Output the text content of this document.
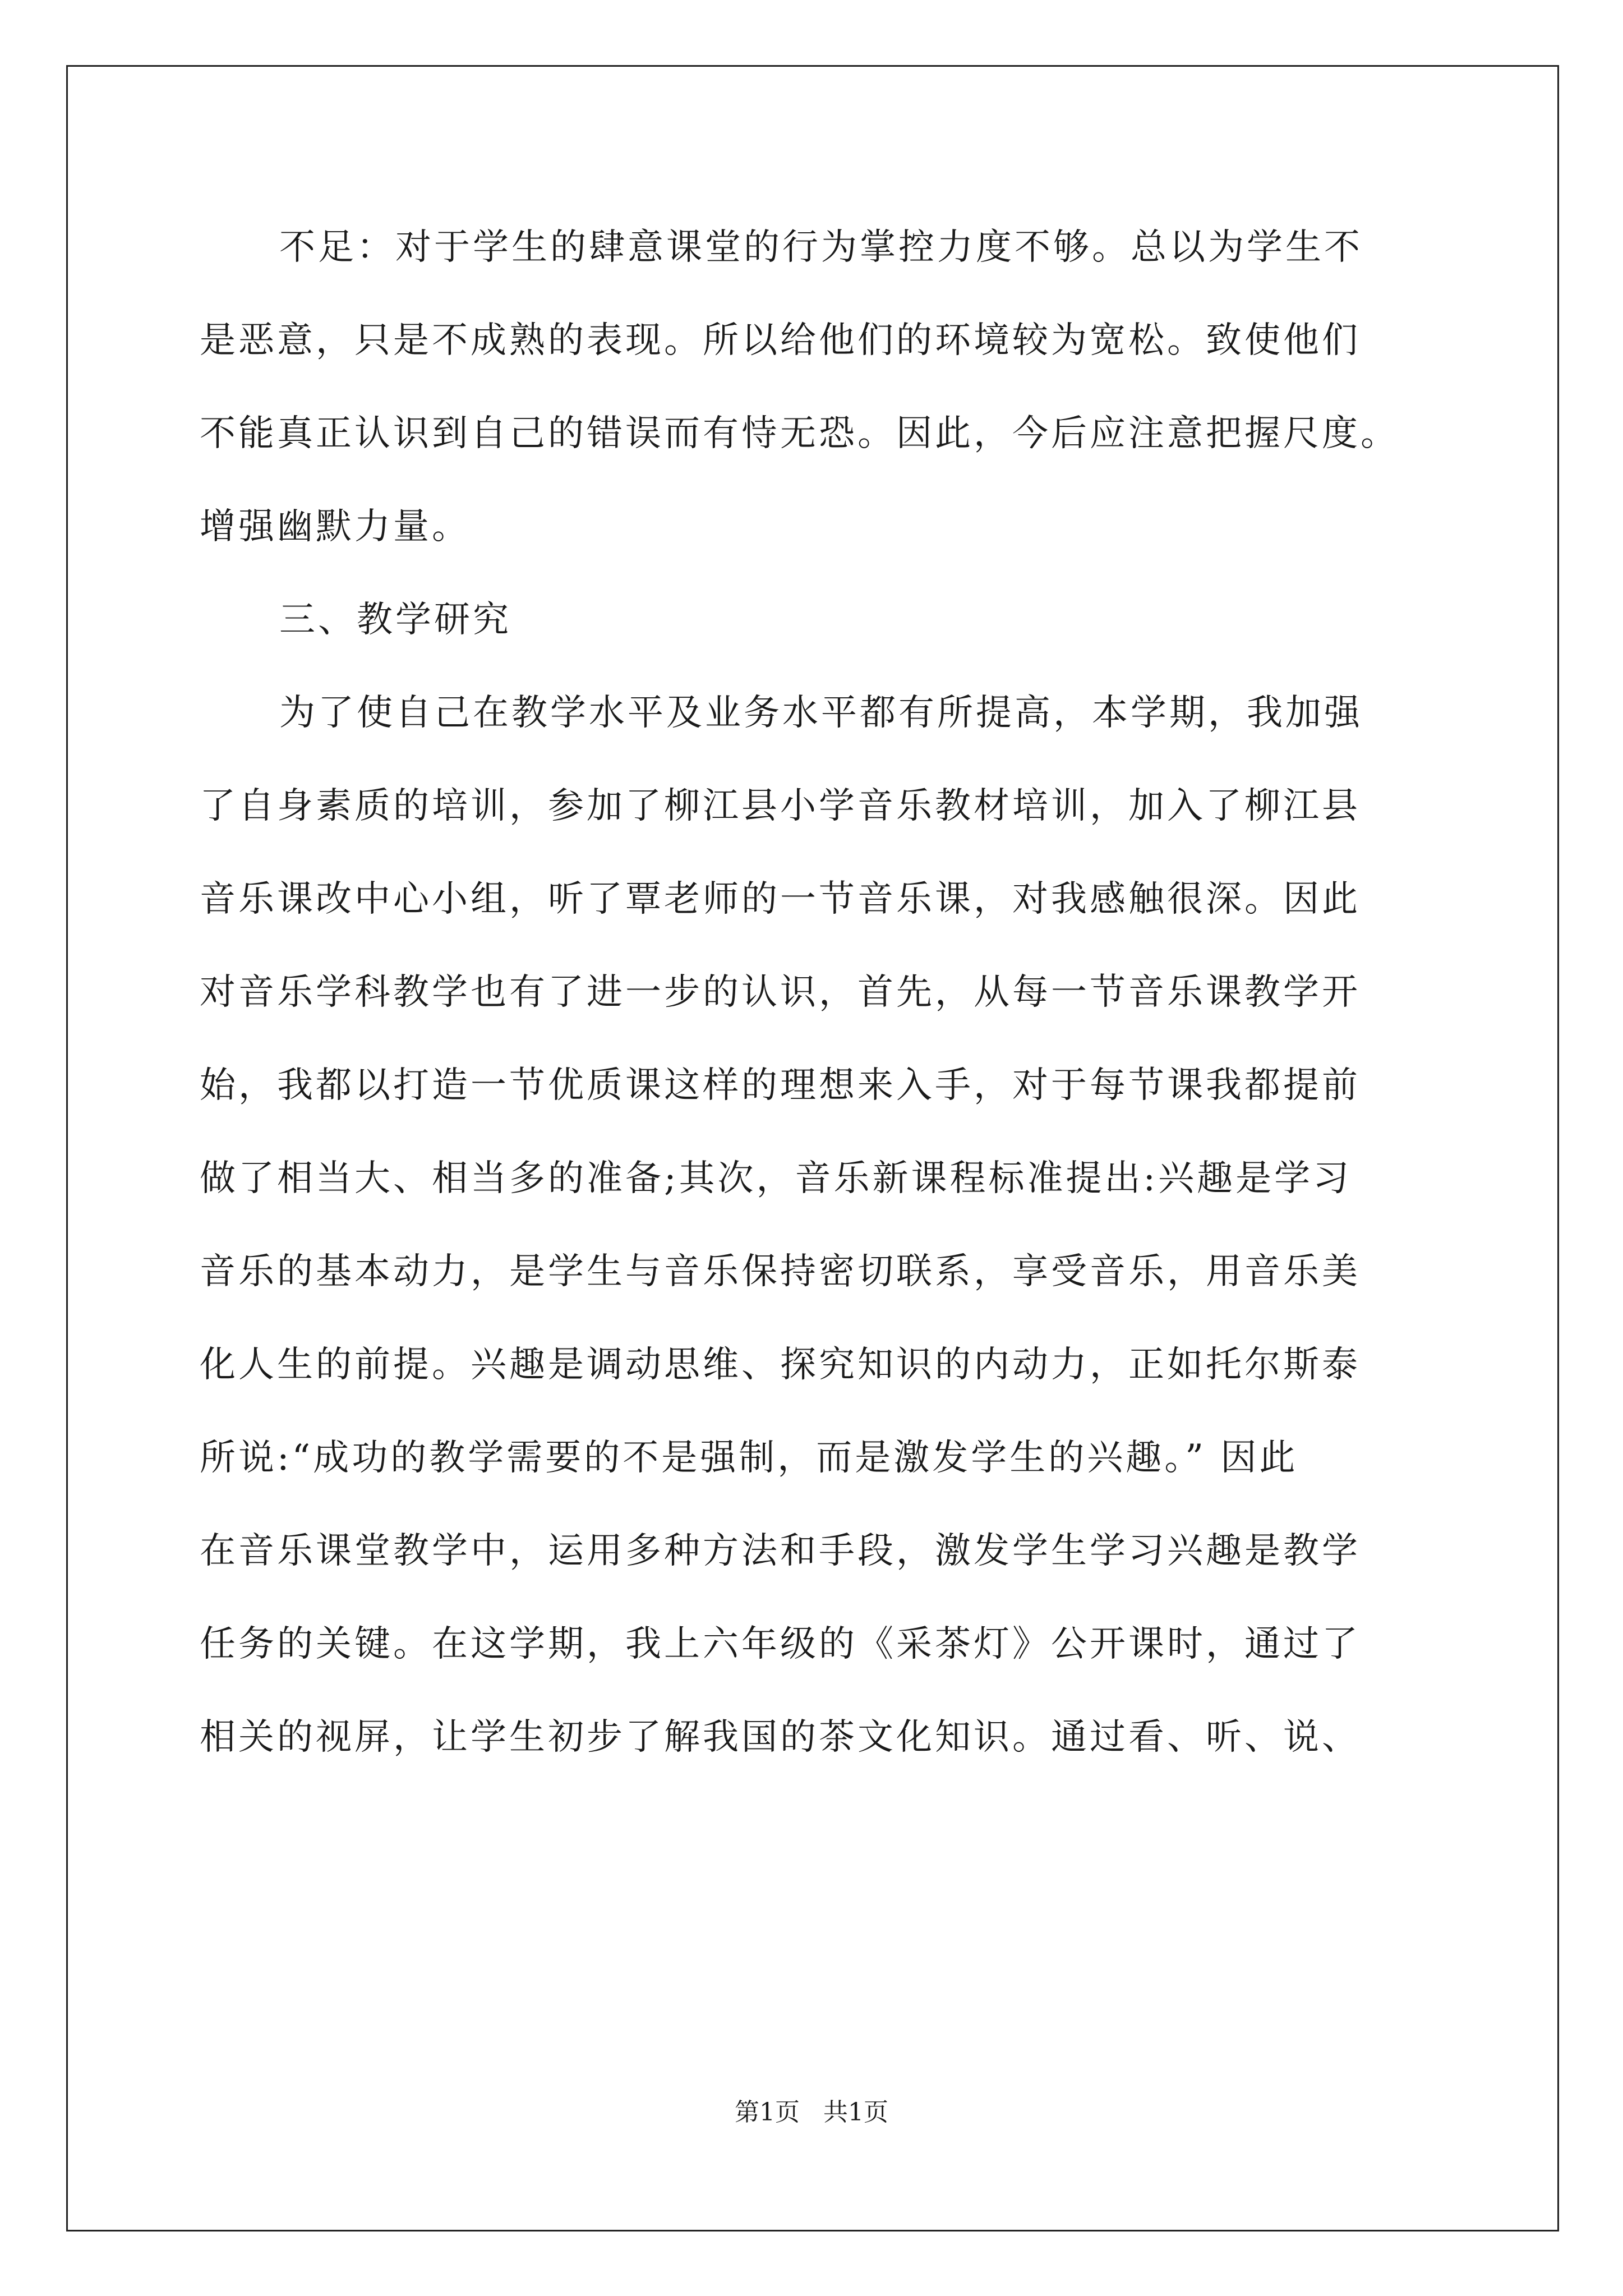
不足：对于学生的肆意课堂的行为掌控力度不够。总以为学生不
是恶意，只是不成熟的表现。所以给他们的环境较为宽松。致使他们
不能真正认识到自己的错误而有恃无恐。因此，今后应注意把握尺度。
增强幽默力量。
三、教学研究
为了使自己在教学水平及业务水平都有所提高，本学期，我加强
了自身素质的培训，参加了柳江县小学音乐教材培训，加入了柳江县
音乐课改中心小组，听了覃老师的一节音乐课，对我感触很深。因此
对音乐学科教学也有了进一步的认识，首先，从每一节音乐课教学开
始，我都以打造一节优质课这样的理想来入手，对于每节课我都提前
做了相当大、相当多的准备;其次，音乐新课程标准提出:兴趣是学习
音乐的基本动力，是学生与音乐保持密切联系，享受音乐，用音乐美
化人生的前提。兴趣是调动思维、探究知识的内动力，正如托尔斯泰
所说:“成功的教学需要的不是强制，而是激发学生的兴趣。” 因此
在音乐课堂教学中，运用多种方法和手段，激发学生学习兴趣是教学
任务的关键。在这学期，我上六年级的《采茶灯》公开课时，通过了
相关的视屏，让学生初步了解我国的茶文化知识。通过看、听、说、
第1页   共1页
